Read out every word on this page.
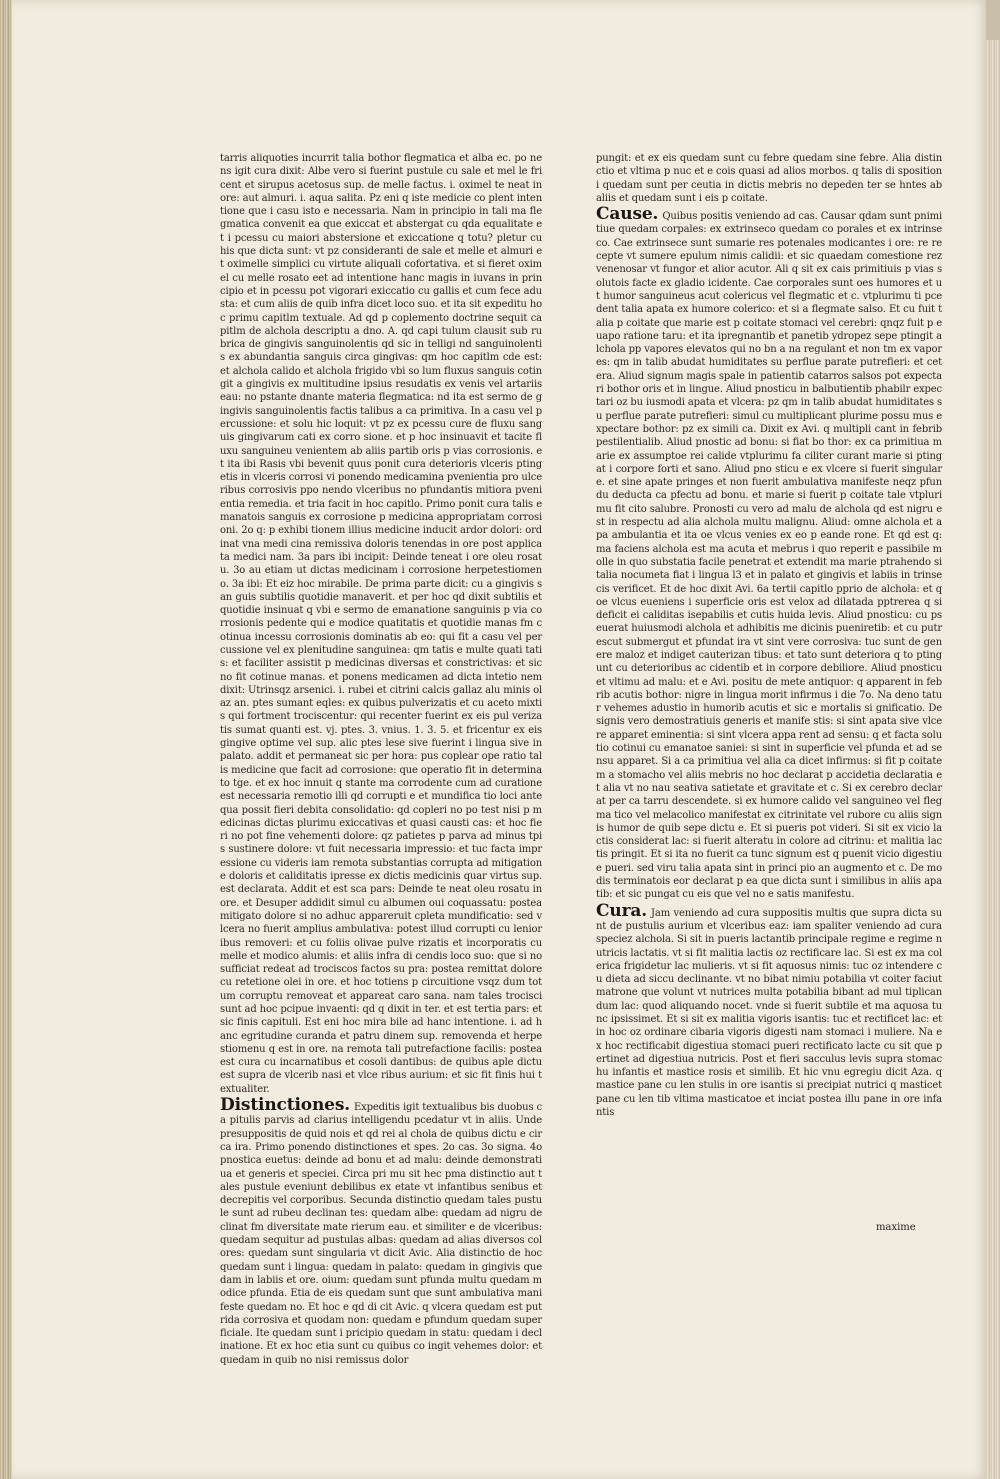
tarris aliquoties incurrit talia bothor flegmatica et alba ec. po nens igit cura dixit: Albe vero si fuerint pustule cu sale et mel le fricent et sirupus acetosus sup. de melle factus. i. oximel te neat in ore: aut almuri. i. aqua salita. Pz eni q iste medicie co plent intentione que i casu isto e necessaria. Nam in principio in tali ma flegmatica convenit ea que exiccat et abstergat cu qda equalitate et i pcessu cu maiori abstersione et exiccatione q totu? pletur cu his que dicta sunt: vt pz consideranti de sale et melle et almuri et oximelle simplici cu virtute aliquali cofortativa. et si fieret oximel cu melle rosato eet ad intentione hanc magis in iuvans in principio et in pcessu pot vigorari exiccatio cu gallis et cum fece adusta: et cum aliis de quib infra dicet loco suo. et ita sit expeditu hoc primu capitlm textuale. Ad qd p coplemento doctrine sequit capitlm de alchola descriptu a dno. A. qd capi tulum clausit sub rubrica de gingivis sanguinolentis qd sic in telligi nd sanguinolentis ex abundantia sanguis circa gingivas: qm hoc capitlm cde est: et alchola calido et alchola frigido vbi so lum fluxus sanguis cotingit a gingivis ex multitudine ipsius resudatis ex venis vel artariis eau: no pstante dnante materia flegmatica: nd ita est sermo de gingivis sanguinolentis factis talibus a ca primitiva. In a casu vel percussione: et solu hic loquit: vt pz ex pcessu cure de fluxu sanguis gingivarum cati ex corro sione. et p hoc insinuavit et tacite fluxu sanguineu venientem ab aliis partib oris p vias corrosionis. et ita ibi Rasis vbi bevenit quus ponit cura deterioris vlceris ptingetis in vlceris corrosi vi ponendo medicamina pvenientia pro ulceribus corrosivis ppo nendo vlceribus no pfundantis mitiora pvenientia remedia. et tria facit in hoc capitlo. Primo ponit cura talis emanatois sanguis ex corrosione p medicina appropriatam corrosioni. 2o q: p exhibi tionem illius medicine inducit ardor dolori: ordinat vna medi cina remissiva doloris tenendas in ore post applicata medici nam. 3a pars ibi incipit: Deinde teneat i ore oleu rosatu. 3o au etiam ut dictas medicinam i corrosione herpetestiomeno. 3a ibi: Et eiz hoc mirabile. De prima parte dicit: cu a gingivis san guis subtilis quotidie manaverit. et per hoc qd dixit subtilis et quotidie insinuat q vbi e sermo de emanatione sanguinis p via corrosionis pedente qui e modice quatitatis et quotidie manas fm cotinua incessu corrosionis dominatis ab eo: qui fit a casu vel percussione vel ex plenitudine sanguinea: qm tatis e multe quati tatis: et faciliter assistit p medicinas diversas et constrictivas: et sic no fit cotinue manas. et ponens medicamen ad dicta intetio nem dixit: Utrinsqz arsenici. i. rubei et citrini calcis gallaz alu minis olaz an. ptes sumant eqles: ex quibus pulverizatis et cu aceto mixtis qui fortment trociscentur: qui recenter fuerint ex eis pul verizatis sumat quanti est. vj. ptes. 3. vnius. 1. 3. 5. et fricentur ex eis gingive optime vel sup. alic ptes lese sive fuerint i lingua sive in palato. addit et permaneat sic per hora: pus coplear ope ratio talis medicine que facit ad corrosione: que operatio fit in determinato tge. et ex hoc innuit q stante ma corrodente cum ad curatione est necessaria remotio illi qd corrupti e et mundifica tio loci antequa possit fieri debita consolidatio: qd copleri no po test nisi p medicinas dictas plurimu exiccativas et quasi causti cas: et hoc fieri no pot fine vehementi dolore: qz patietes p parva ad minus tpis sustinere dolore: vt fuit necessaria impressio: et tuc facta impressione cu videris iam remota substantias corrupta ad mitigatione doloris et caliditatis ipresse ex dictis medicinis quar virtus sup. est declarata. Addit et est sca pars: Deinde te neat oleu rosatu in ore. et Desuper addidit simul cu albumen oui coquassatu: postea mitigato dolore si no adhuc appareruit cpleta mundificatio: sed vlcera no fuerit amplius ambulativa: potest illud corrupti cu lenioribus removeri: et cu foliis olivae pulve rizatis et incorporatis cu melle et modico alumis: et aliis infra di cendis loco suo: que si no sufficiat redeat ad trociscos factos su pra: postea remittat dolore cu retetione olei in ore. et hoc totiens p circuitione vsqz dum totum corruptu removeat et appareat caro sana. nam tales trocisci sunt ad hoc pcipue invaenti: qd q dixit in ter. et est tertia pars: et sic finis capituli. Est eni hoc mira bile ad hanc intentione. i. ad hanc egritudine curanda et patru dinem sup. removenda et herpestiomenu q est in ore. na remota tali putrefactione facilis: postea est cura cu incarnatibus et cosoli dantibus: de quibus aple dictu est supra de vlcerib nasi et vlce ribus aurium: et sic fit finis hui textualiter.

Distinctiones. Expeditis igit textualibus bis duobus ca pitulis parvis ad clarius intelligendu pcedatur vt in aliis. Unde presuppositis de quid nois et qd rei al chola de quibus dictu e circa ira. Primo ponendo distinctiones et spes. 2o cas. 3o signa. 4o pnostica euetus: deinde ad bonu et ad malu: deinde demonstratiua et generis et speciei. Circa pri mu sit hec pma distinctio aut tales pustule eveniunt debilibus ex etate vt infantibus senibus et decrepitis vel corporibus. Secunda distinctio quedam tales pustule sunt ad rubeu declinan tes: quedam albe: quedam ad nigru declinat fm diversitate mate rierum eau. et similiter e de vlceribus: quedam sequitur ad pustulas albas: quedam ad alias diversos colores: quedam sunt singularia vt dicit Avic. Alia distinctio de hoc quedam sunt i lingua: quedam in palato: quedam in gingivis quedam in labiis et ore. oium: quedam sunt pfunda multu quedam modice pfunda. Etia de eis quedam sunt que sunt ambulativa manifeste quedam no. Et hoc e qd di cit Avic. q vlcera quedam est putrida corrosiva et quodam non: quedam e pfundum quedam superficiale. Ite quedam sunt i pricipio quedam in statu: quedam i declinatione. Et ex hoc etia sunt cu quibus co ingit vehemes dolor: et quedam in quib no nisi remissus dolor

pungit: et ex eis quedam sunt cu febre quedam sine febre. Alia distin ctio et vltima p nuc et e cois quasi ad alios morbos. q talis di spositioni quedam sunt per ceutia in dictis mebris no depeden ter se hntes ab aliis et quedam sunt i eis p coitate.

Cause. Quibus positis veniendo ad cas. Causar qdam sunt pnimitiue quedam corpales: ex extrinseco quedam co porales et ex intrinseco. Cae extrinsece sunt sumarie res potenales modicantes i ore: re recepte vt sumere epulum nimis calidii: et sic quaedam comestione rez venenosar vt fungor et alior acutor. Ali q sit ex cais primitiuis p vias solutois facte ex gladio icidente. Cae corporales sunt oes humores et ut humor sanguineus acut colericus vel flegmatic et c. vtplurimu ti pcedent talia apata ex humore colerico: et si a flegmate salso. Et cu fuit talia p coitate que marie est p coitate stomaci vel cerebri: qnqz fuit p euapo ratione taru: et ita ipregnantib et panetib ydropez sepe ptingit alchola pp vapores elevatos qui no bn a na regulant et non tm ex vapores: qm in talib abudat humiditates su perflue parate putrefieri: et cetera. Aliud signum magis spale in patientib catarros salsos pot expectari bothor oris et in lingue. Aliud pnosticu in balbutientib phabilr expectari oz bu iusmodi apata et vlcera: pz qm in talib abudat humiditates su perflue parate putrefieri: simul cu multiplicant plurime possu mus expectare bothor: pz ex simili ca. Dixit ex Avi. q multipli cant in febrib pestilentialib. Aliud pnostic ad bonu: si fiat bo thor: ex ca primitiua marie ex assumptoe rei calide vtplurimu fa ciliter curant marie si ptingat i corpore forti et sano. Aliud pno sticu e ex vlcere si fuerit singulare. et sine apate pringes et non fuerit ambulativa manifeste neqz pfundu deducta ca pfectu ad bonu. et marie si fuerit p coitate tale vtplurimu fit cito salubre. Pronosti cu vero ad malu de alchola qd est nigru est in respectu ad alia alchola multu malignu. Aliud: omne alchola et apa ambulantia et ita oe vlcus venies ex eo p eande rone. Et qd est q: ma faciens alchola est ma acuta et mebrus i quo reperit e passibile molle in quo substatia facile penetrat et extendit ma marie ptrahendo si talia nocumeta fiat i lingua l3 et in palato et gingivis et labiis in trinsecis verificet. Et de hoc dixit Avi. 6a tertii capitlo pprio de alchola: et q oe vlcus eueniens i superficie oris est velox ad dilatada pptrerea q si deficit ei caliditas isepabilis et cutis huida levis. Aliud pnosticu: cu pseuerat huiusmodi alchola et adhibitis me dicinis pueniretib: et cu putrescut submergut et pfundat ira vt sint vere corrosiva: tuc sunt de genere maloz et indiget cauterizan tibus: et tato sunt deteriora q to ptingunt cu deterioribus ac cidentib et in corpore debiliore. Aliud pnosticu et vltimu ad malu: et e Avi. positu de mete antiquor: q apparent in febrib acutis bothor: nigre in lingua morit infirmus i die 7o. Na deno tatur vehemes adustio in humorib acutis et sic e mortalis si gnificatio. De signis vero demostratiuis generis et manife stis: si sint apata sive vlcere apparet eminentia: si sint vlcera appa rent ad sensu: q et facta solutio cotinui cu emanatoe saniei: si sint in superficie vel pfunda et ad sensu apparet. Si a ca primitiua vel alia ca dicet infirmus: si fit p coitatem a stomacho vel aliis mebris no hoc declarat p accidetia declaratia et alia vt no nau seativa satietate et gravitate et c. Si ex cerebro declarat per ca tarru descendete. si ex humore calido vel sanguineo vel flegma tico vel melacolico manifestat ex citrinitate vel rubore cu aliis signis humor de quib sepe dictu e. Et si pueris pot videri. Si sit ex vicio lactis considerat lac: si fuerit alteratu in colore ad citrinu: et malitia lactis pringit. Et si ita no fuerit ca tunc signum est q puenit vicio digestiue pueri. sed viru talia apata sint in princi pio an augmento et c. De modis terminatois eor declarat p ea que dicta sunt i similibus in aliis apatib: et sic pungat cu eis que vel no e satis manifestu.

Cura. Jam veniendo ad cura suppositis multis que supra dicta sunt de pustulis aurium et vlceribus eaz: iam spaliter veniendo ad cura speciez alchola. Si sit in pueris lactantib principale regime e regime nutricis lactatis. vt si fit malitia lactis oz rectificare lac. Si est ex ma colerica frigidetur lac mulieris. vt si fit aquosus nimis: tuc oz intendere cu dieta ad siccu declinante. vt no bibat nimiu potabilia vt coiter faciut matrone que volunt vt nutrices multa potabilia bibant ad mul tiplicandum lac: quod aliquando nocet. vnde si fuerit subtile et ma aquosa tunc ipsissimet. Et si sit ex malitia vigoris isantis: tuc et rectificet lac: et in hoc oz ordinare cibaria vigoris digesti nam stomaci i muliere. Na ex hoc rectificabit digestiua stomaci pueri rectificato lacte cu sit que pertinet ad digestiua nutricis. Post et fieri sacculus levis supra stomachu infantis et mastice rosis et similib. Et hic vnu egregiu dicit Aza. q mastice pane cu len stulis in ore isantis si precipiat nutrici q masticet pane cu len tib vltima masticatoe et inciat postea illu pane in ore infantis

maxime
